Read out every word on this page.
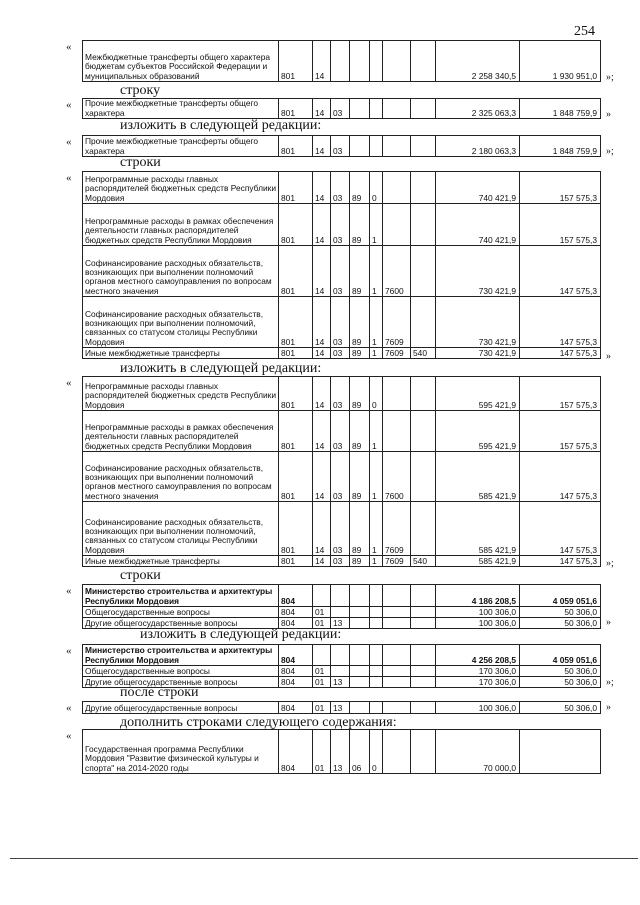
254
«
Межбюджетные трансферты общего характера бюджетам субъектов Российской Федерации и муниципальных образований	801	14						2 258 340,5	1 930 951,0 »;
строку
« Прочие межбюджетные трансферты общего характера	801	14	03					2 325 063,3	1 848 759,9 »
изложить в следующей редакции:
« Прочие межбюджетные трансферты общего характера	801	14	03					2 180 063,3	1 848 759,9 »;
строки
« Непрограммные расходы главных распорядителей бюджетных средств Республики Мордовия	801	14	03	89	0			740 421,9	157 575,3
Непрограммные расходы в рамках обеспечения деятельности главных распорядителей бюджетных средств Республики Мордовия	801	14	03	89	1			740 421,9	157 575,3
Софинансирование расходных обязательств, возникающих при выполнении полномочий органов местного самоуправления по вопросам местного значения	801	14	03	89	1	7600		730 421,9	147 575,3
Софинансирование расходных обязательств, возникающих при выполнении полномочий, связанных со статусом столицы Республики Мордовия	801	14	03	89	1	7609		730 421,9	147 575,3
Иные межбюджетные трансферты	801	14	03	89	1	7609	540	730 421,9	147 575,3 »
изложить в следующей редакции:
« Непрограммные расходы главных распорядителей бюджетных средств Республики Мордовия	801	14	03	89	0			595 421,9	157 575,3
Непрограммные расходы в рамках обеспечения деятельности главных распорядителей бюджетных средств Республики Мордовия	801	14	03	89	1			595 421,9	157 575,3
Софинансирование расходных обязательств, возникающих при выполнении полномочий органов местного самоуправления по вопросам местного значения	801	14	03	89	1	7600		585 421,9	147 575,3
Софинансирование расходных обязательств, возникающих при выполнении полномочий, связанных со статусом столицы Республики Мордовия	801	14	03	89	1	7609		585 421,9	147 575,3
Иные межбюджетные трансферты	801	14	03	89	1	7609	540	585 421,9	147 575,3 »;
строки
« Министерство строительства и архитектуры Республики Мордовия	804							4 186 208,5	4 059 051,6
Общегосударственные вопросы	804	01						100 306,0	50 306,0
Другие общегосударственные вопросы	804	01	13					100 306,0	50 306,0 »
изложить в следующей редакции:
« Министерство строительства и архитектуры Республики Мордовия	804							4 256 208,5	4 059 051,6
Общегосударственные вопросы	804	01						170 306,0	50 306,0
Другие общегосударственные вопросы	804	01	13					170 306,0	50 306,0 »;
после строки
« Другие общегосударственные вопросы	804	01	13					100 306,0	50 306,0 »
дополнить строками следующего содержания:
«
Государственная программа Республики Мордовия "Развитие физической культуры и спорта" на 2014-2020 годы	804	01	13	06	0			70 000,0	
